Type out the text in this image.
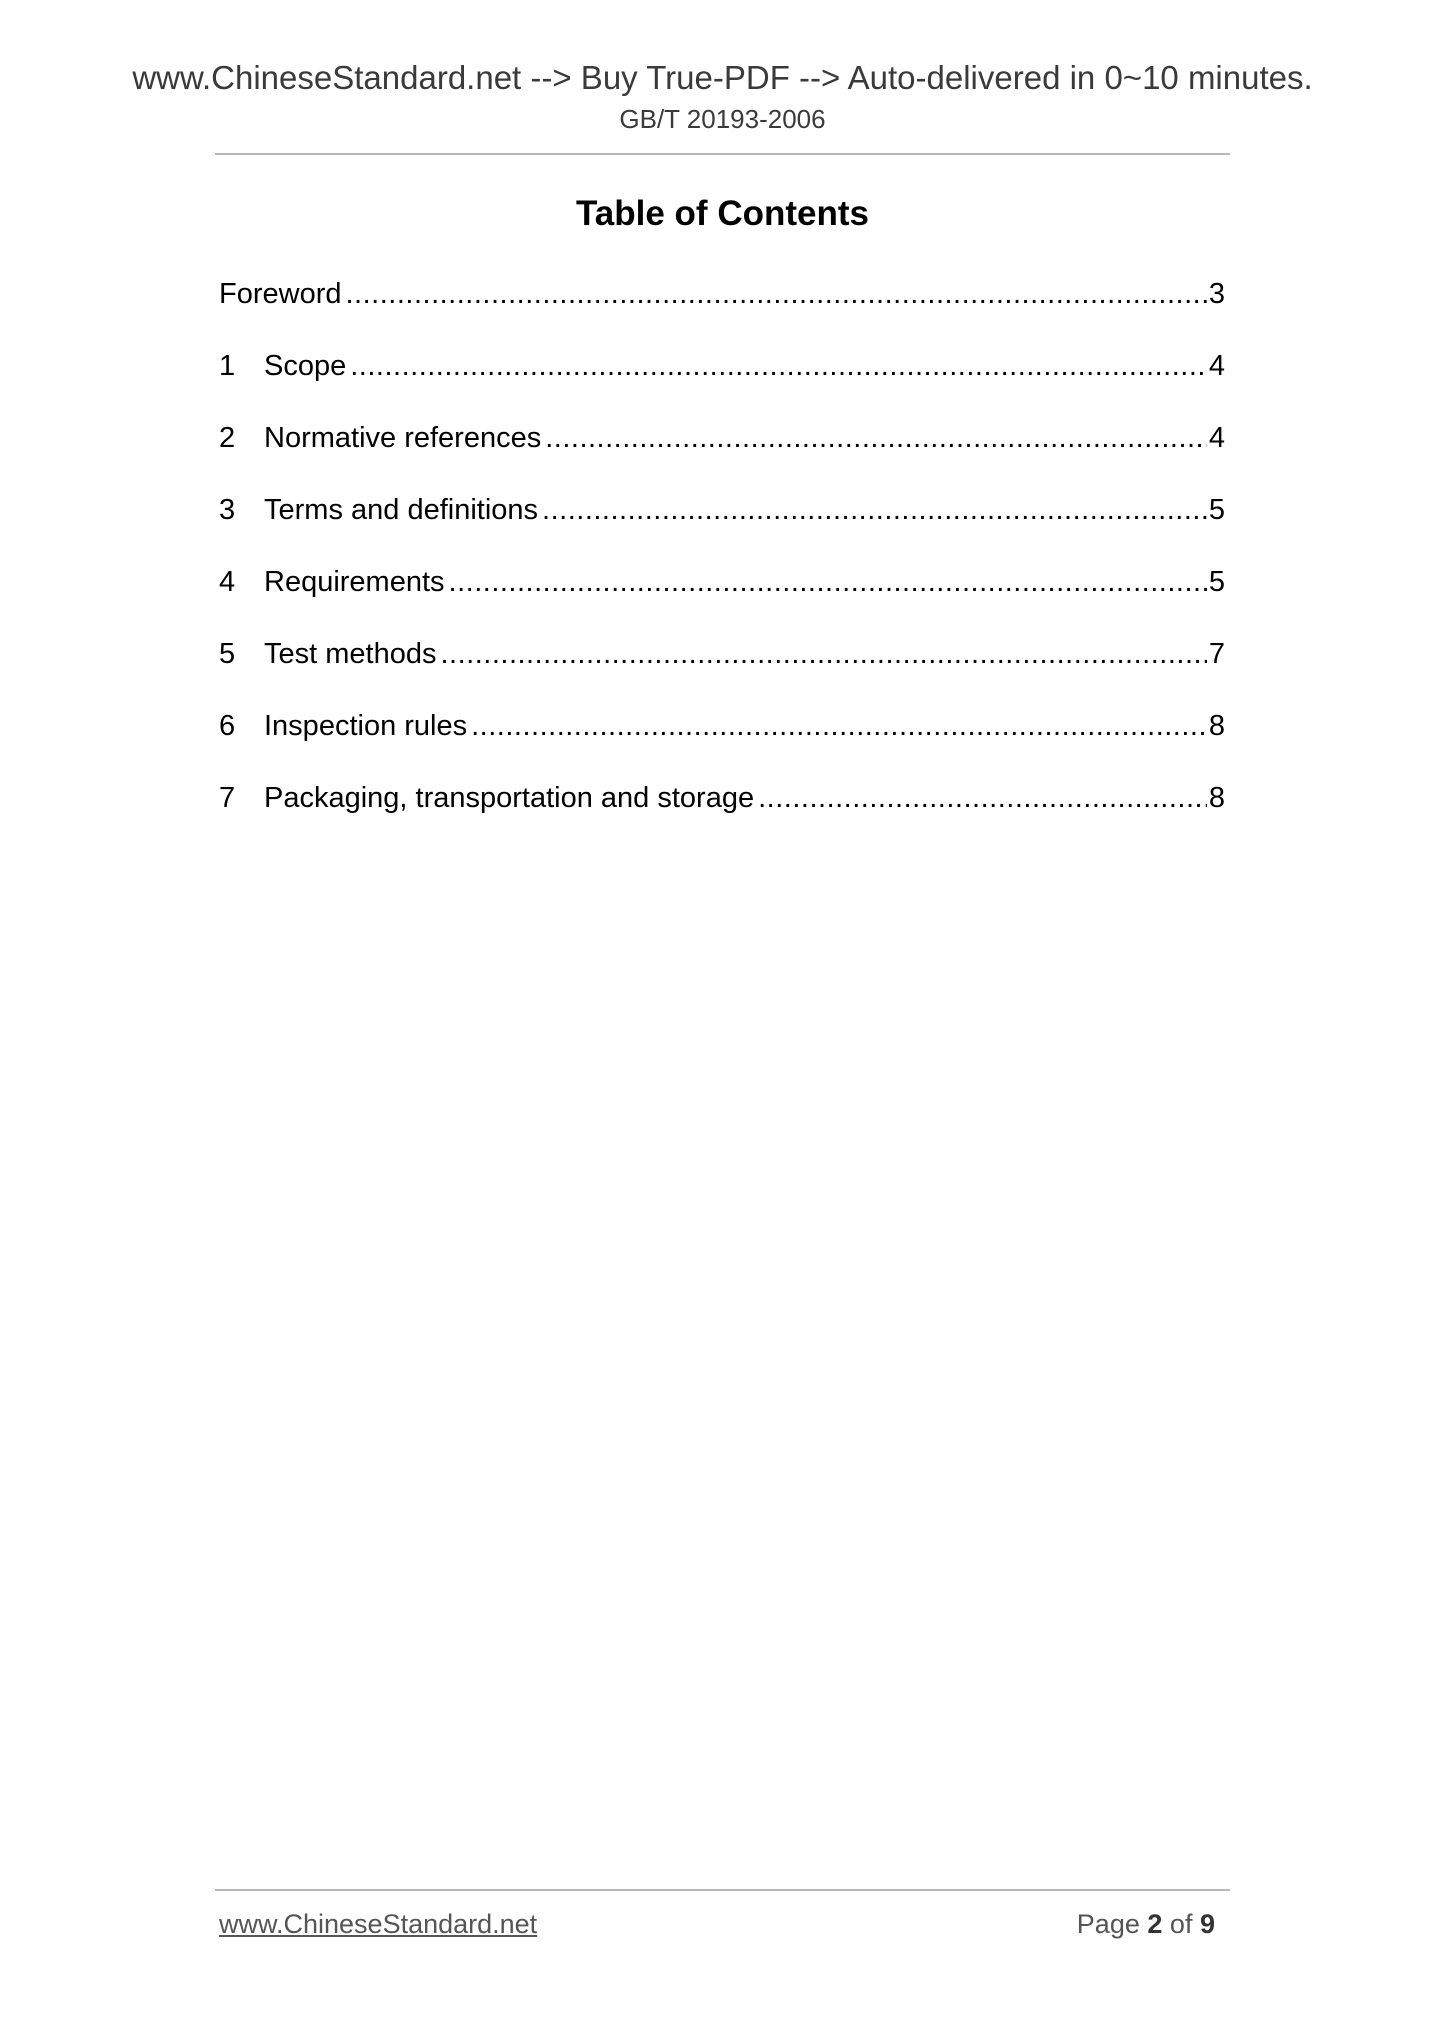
www.ChineseStandard.net --> Buy True-PDF --> Auto-delivered in 0~10 minutes.
GB/T 20193-2006
Table of Contents
Foreword .....	3
1 Scope .....	4
2 Normative references .....	4
3 Terms and definitions .....	5
4 Requirements .....	5
5 Test methods .....	7
6 Inspection rules .....	8
7 Packaging, transportation and storage .....	8
www.ChineseStandard.net	Page 2 of 9
